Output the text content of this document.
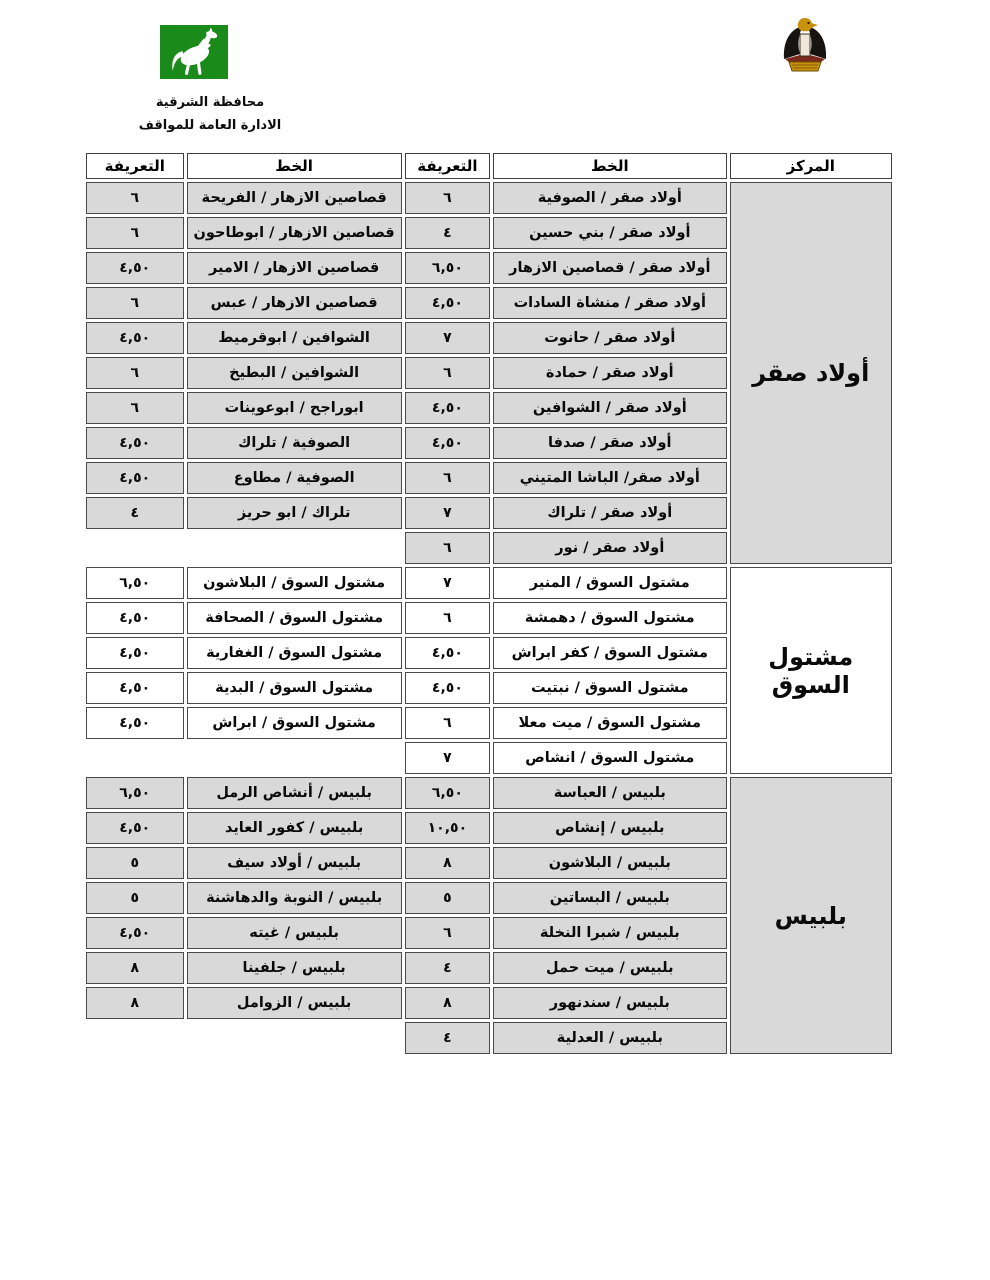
محافظة الشرقية
الادارة العامة للمواقف
المركز	الخط	التعريفة	الخط	التعريفة
أولاد صقر	أولاد صقر / الصوفية	٦	قصاصين الازهار / الفريحة	٦
	أولاد صقر / بني حسين	٤	قصاصين الازهار / ابوطاحون	٦
	أولاد صقر / قصاصين الازهار	٦,٥٠	قصاصين الازهار / الامير	٤,٥٠
	أولاد صقر / منشاة السادات	٤,٥٠	قصاصين الازهار / عبس	٦
	أولاد صقر / حانوت	٧	الشوافين / ابوقرميط	٤,٥٠
	أولاد صقر / حمادة	٦	الشوافين / البطيخ	٦
	أولاد صقر / الشوافين	٤,٥٠	ابوراجح / ابوعوينات	٦
	أولاد صقر / صدفا	٤,٥٠	الصوفية / تلراك	٤,٥٠
	أولاد صقر/ الباشا المتيني	٦	الصوفية / مطاوع	٤,٥٠
	أولاد صقر / تلراك	٧	تلراك / ابو حريز	٤
	أولاد صقر / نور	٦		
مشتول السوق	مشتول السوق / المنير	٧	مشتول السوق / البلاشون	٦,٥٠
	مشتول السوق / دهمشة	٦	مشتول السوق / الصحافة	٤,٥٠
	مشتول السوق / كفر ابراش	٤,٥٠	مشتول السوق / الغفارية	٤,٥٠
	مشتول السوق / نبتيت	٤,٥٠	مشتول السوق / البدية	٤,٥٠
	مشتول السوق / ميت معلا	٦	مشتول السوق / ابراش	٤,٥٠
	مشتول السوق / انشاص	٧		
بلبيس	بلبيس / العباسة	٦,٥٠	بلبيس / أنشاص الرمل	٦,٥٠
	بلبيس / إنشاص	١٠,٥٠	بلبيس / كفور العايد	٤,٥٠
	بلبيس / البلاشون	٨	بلبيس / أولاد سيف	٥
	بلبيس / البساتين	٥	بلبيس / النوبة والدهاشنة	٥
	بلبيس / شبرا النخلة	٦	بلبيس / غيته	٤,٥٠
	بلبيس / ميت حمل	٤	بلبيس / جلفينا	٨
	بلبيس / سندنهور	٨	بلبيس / الزوامل	٨
	بلبيس / العدلية	٤		
